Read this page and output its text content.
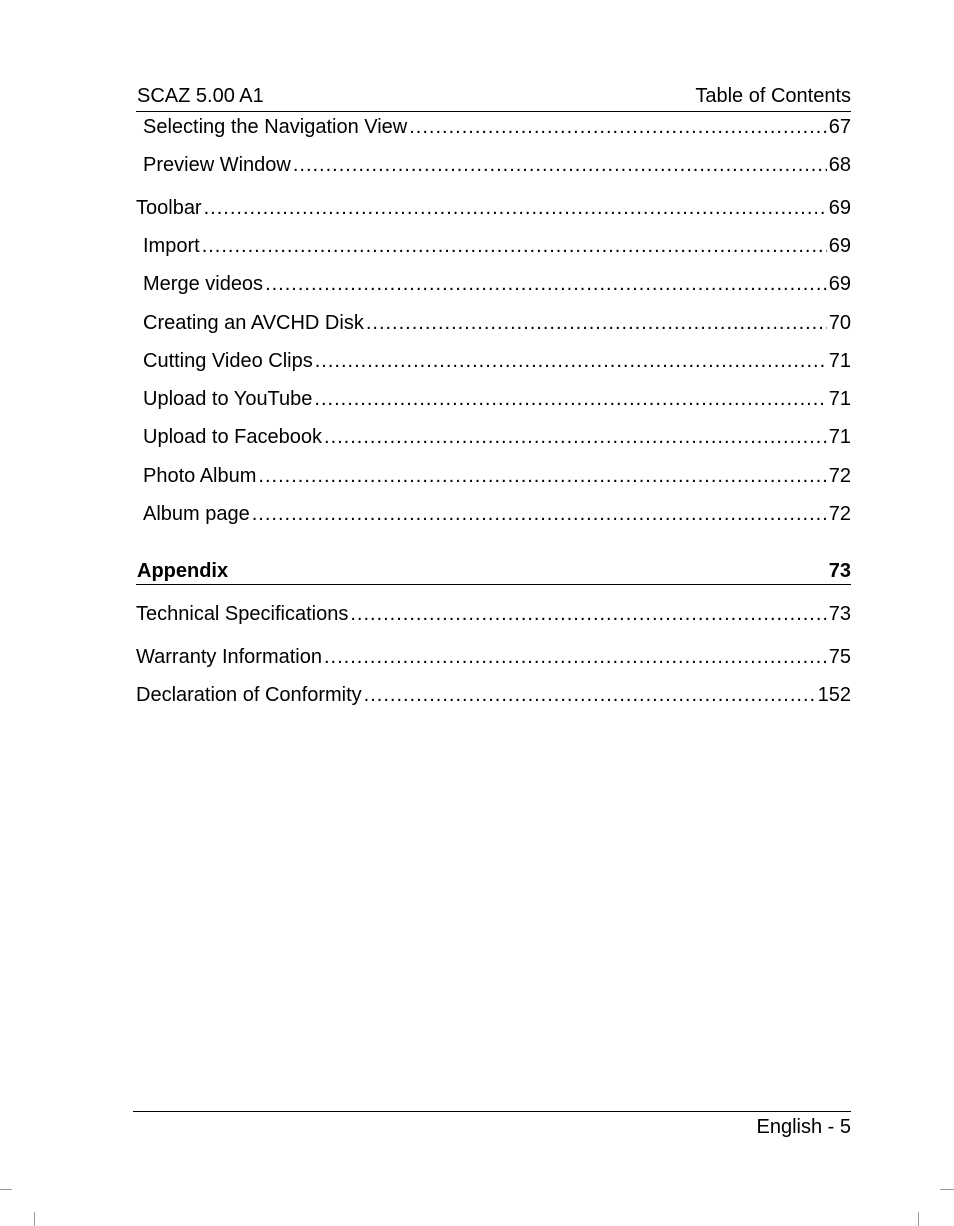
SCAZ 5.00 A1	Table of Contents
Selecting the Navigation View .....	67
Preview Window .....	68
Toolbar .....	69
Import .....	69
Merge videos .....	69
Creating an AVCHD Disk .....	70
Cutting Video Clips .....	71
Upload to YouTube .....	71
Upload to Facebook .....	71
Photo Album .....	72
Album page .....	72
Appendix	73
Technical Specifications .....	73
Warranty Information .....	75
Declaration of Conformity .....	152
English - 5
